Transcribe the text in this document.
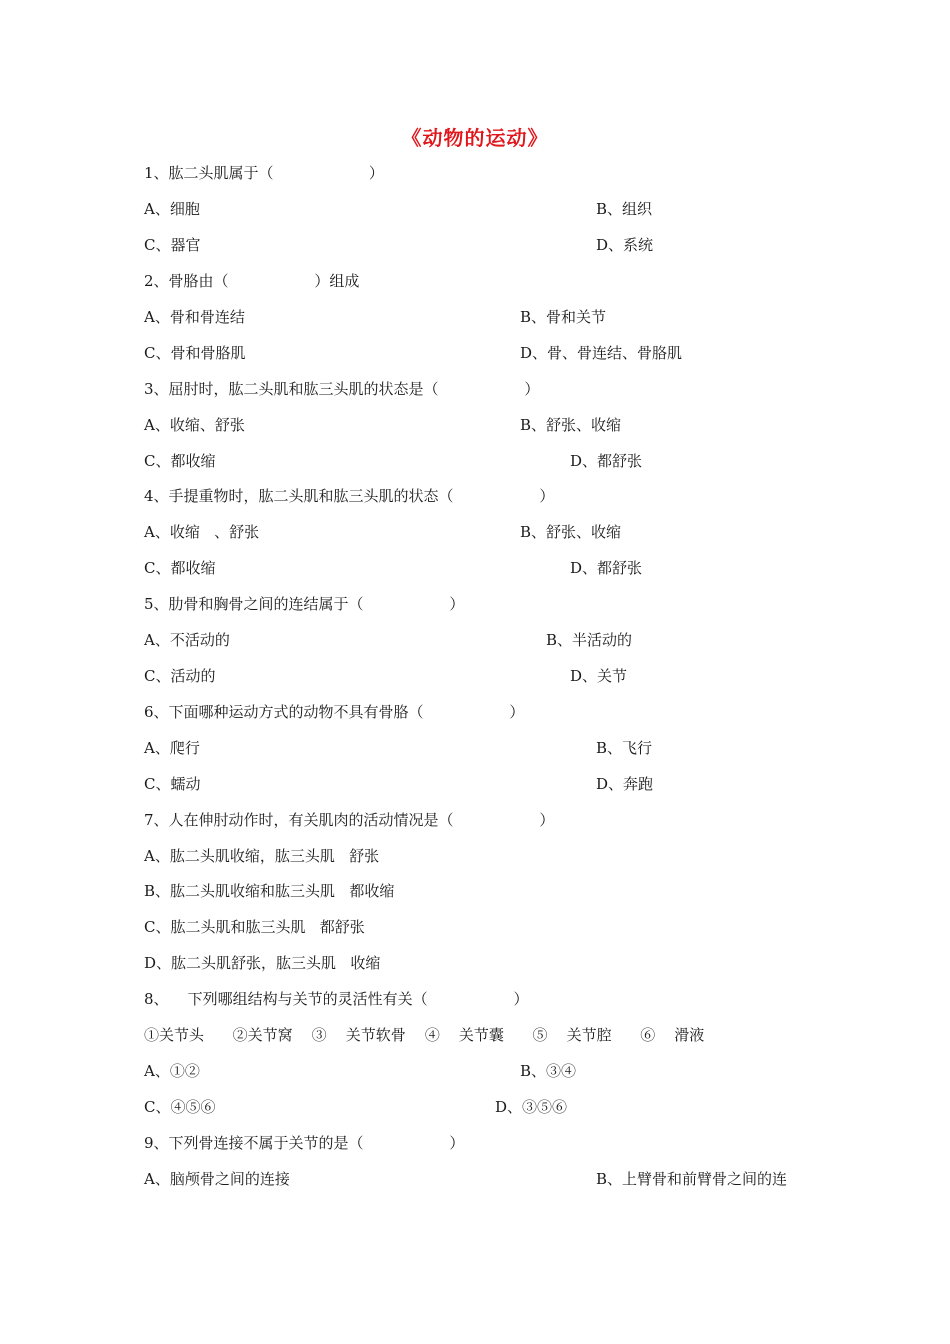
《动物的运动》
1、肱二头肌属于（                    ）
A、细胞	B、组织
C、器官	D、系统
2、骨胳由（                  ）组成
A、骨和骨连结	B、骨和关节
C、骨和骨胳肌	D、骨、骨连结、骨胳肌
3、屈肘时，肱二头肌和肱三头肌的状态是（                  ）
A、收缩、舒张	B、舒张、收缩
C、都收缩	D、都舒张
4、手提重物时，肱二头肌和肱三头肌的状态（                  ）
A、收缩   、舒张	B、舒张、收缩
C、都收缩	D、都舒张
5、肋骨和胸骨之间的连结属于（                  ）
A、不活动的	B、半活动的
C、活动的	D、关节
6、下面哪种运动方式的动物不具有骨胳（                  ）
A、爬行	B、飞行
C、蠕动	D、奔跑
7、人在伸肘动作时，有关肌肉的活动情况是（                  ）
A、肱二头肌收缩，肱三头肌   舒张
B、肱二头肌收缩和肱三头肌   都收缩
C、肱二头肌和肱三头肌   都舒张
D、肱二头肌舒张，肱三头肌   收缩
8、    下列哪组结构与关节的灵活性有关（                  ）
①关节头      ②关节窝    ③    关节软骨    ④    关节囊      ⑤    关节腔      ⑥    滑液
A、①②	B、③④
C、④⑤⑥	D、③⑤⑥
9、下列骨连接不属于关节的是（                  ）
A、脑颅骨之间的连接	B、上臂骨和前臂骨之间的连
